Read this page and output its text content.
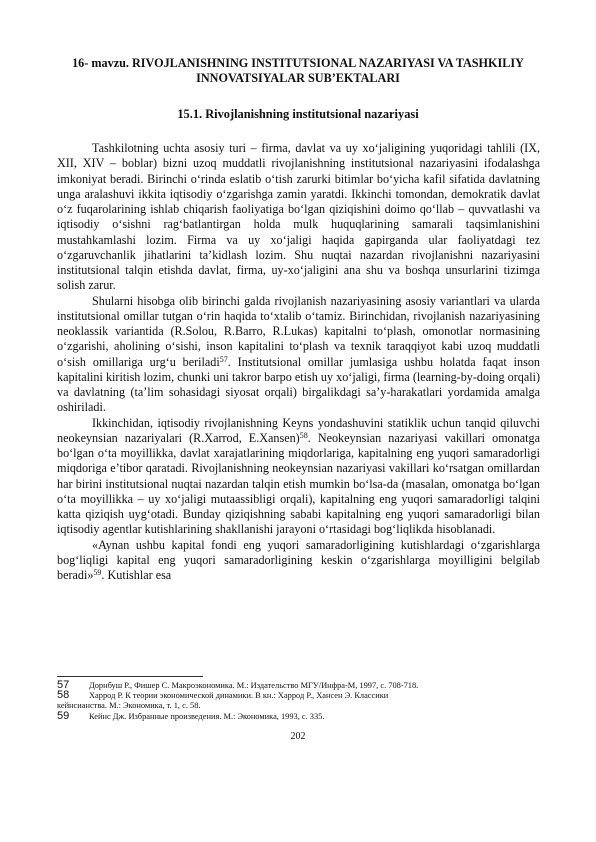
16- mavzu. RIVOJLANISHNING INSTITUTSIONAL NAZARIYASI VA TASHKILIY INNOVATSIYALAR SUB’EKTALARI
15.1. Rivojlanishning institutsional nazariyasi

Tashkilotning uchta asosiy turi – firma, davlat va uy xo‘jaligining yuqoridagi tahlili (IX, XII, XIV – boblar) bizni uzoq muddatli rivojlanishning institutsional nazariyasini ifodalashga imkoniyat beradi. Birinchi o‘rinda eslatib o‘tish zarurki bitimlar bo‘yicha kafil sifatida davlatning unga aralashuvi ikkita iqtisodiy o‘zgarishga zamin yaratdi. Ikkinchi tomondan, demokratik davlat o‘z fuqarolarining ishlab chiqarish faoliyatiga bo‘lgan qiziqishini doimo qo‘llab – quvvatlashi va iqtisodiy o‘sishni rag‘batlantirgan holda mulk huquqlarining samarali taqsimlanishini mustahkamlashi lozim. Firma va uy xo‘jaligi haqida gapirganda ular faoliyatdagi tez o‘zgaruvchanlik jihatlarini ta’kidlash lozim. Shu nuqtai nazardan rivojlanishni nazariyasini institutsional talqin etishda davlat, firma, uy-xo‘jaligini ana shu va boshqa unsurlarini tizimga solish zarur.

Shularni hisobga olib birinchi galda rivojlanish nazariyasining asosiy variantlari va ularda institutsional omillar tutgan o‘rin haqida to‘xtalib o‘tamiz. Birinchidan, rivojlanish nazariyasining neoklassik variantida (R.Solou, R.Barro, R.Lukas) kapitalni to‘plash, omonotlar normasining o‘zgarishi, aholining o‘sishi, inson kapitalini to‘plash va texnik taraqqiyot kabi uzoq muddatli o‘sish omillariga urg‘u beriladi$^{57}$. Institutsional omillar jumlasiga ushbu holatda faqat inson kapitalini kiritish lozim, chunki uni takror barpo etish uy xo‘jaligi, firma (learning-by-doing orqali) va davlatning (ta’lim sohasidagi siyosat orqali) birgalikdagi sa’y-harakatlari yordamida amalga oshiriladi.

Ikkinchidan, iqtisodiy rivojlanishning Keyns yondashuvini statiklik uchun tanqid qiluvchi neokeynsian nazariyalari (R.Xarrod, E.Xansen)$^{58}$. Neokeynsian nazariyasi vakillari omonatga bo‘lgan o‘ta moyillikka, davlat xarajatlarining miqdorlariga, kapitalning eng yuqori samaradorligi miqdoriga e’tibor qaratadi. Rivojlanishning neokeynsian nazariyasi vakillari ko‘rsatgan omillardan har birini institutsional nuqtai nazardan talqin etish mumkin bo‘lsa-da (masalan, omonatga bo‘lgan o‘ta moyillikka – uy xo‘jaligi mutaassibligi orqali), kapitalning eng yuqori samaradorligi talqini katta qiziqish uyg‘otadi. Bunday qiziqishning sababi kapitalning eng yuqori samaradorligi bilan iqtisodiy agentlar kutishlarining shakllanishi jarayoni o‘rtasidagi bog‘liqlikda hisoblanadi.

«Aynan ushbu kapital fondi eng yuqori samaradorligining kutishlardagi o‘zgarishlarga bog‘liqligi kapital eng yuqori samaradorligining keskin o‘zgarishlarga moyilligini belgilab beradi»$^{59}$. Kutishlar esa

57 Дорнбуш Р., Фишер С. Макроэкономика. М.: Издательство МГУ/Инфра-М, 1997, с. 708-718.
58 Харрод Р. К теории экономической динамики. В кн.: Харрод Р., Хансен Э. Классики
кейнсианства. М.: Экономика, т. 1, с. 58.
59 Кейнс Дж. Избранные произведения. М.: Экономика, 1993, с. 335.
202
